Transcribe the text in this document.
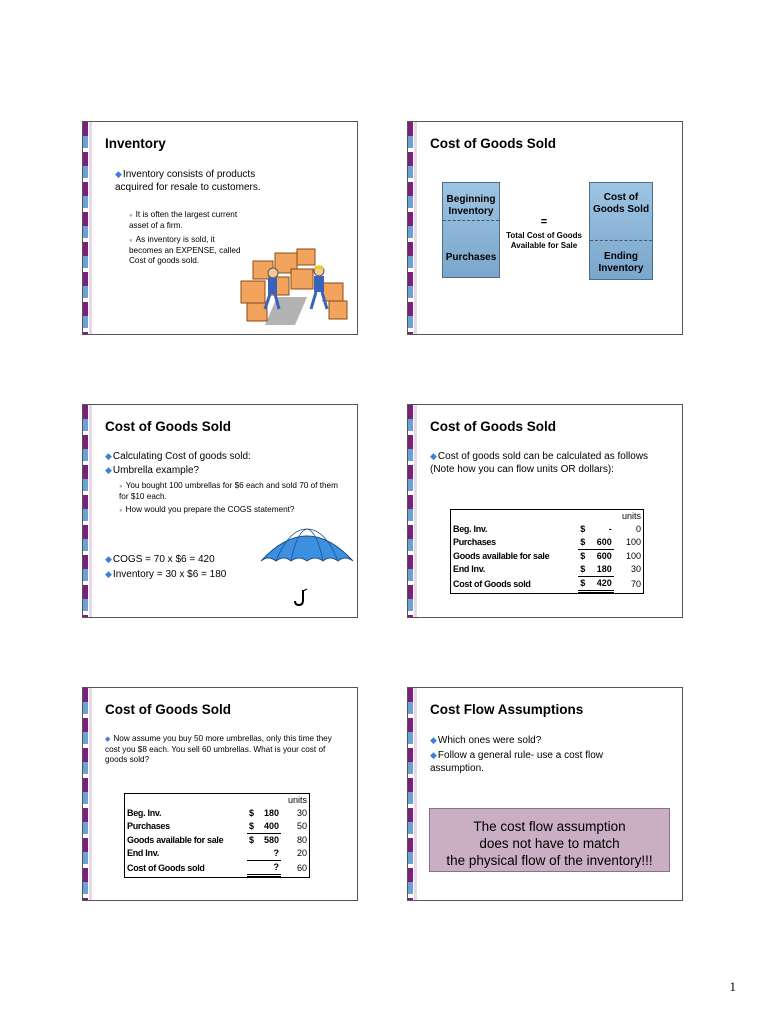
Inventory
◆Inventory consists of products acquired for resale to customers.
● It is often the largest current asset of a firm.
● As inventory is sold, it becomes an EXPENSE, called Cost of goods sold.
Cost of Goods Sold
Beginning Inventory
Purchases
=
Total Cost of Goods Available for Sale
Cost of Goods Sold
Ending Inventory
Cost of Goods Sold
◆Calculating Cost of goods sold:
◆Umbrella example?
● You bought 100 umbrellas for $6 each and sold 70 of them for $10 each.
● How would you prepare the COGS statement?
◆COGS = 70 x $6 = 420
◆Inventory = 30 x $6 = 180
Cost of Goods Sold
◆Cost of goods sold can be calculated as follows (Note how you can flow units OR dollars):
			units
Beg. Inv.	$	-	0
Purchases	$	600	100
Goods available for sale	$	600	100
End Inv.	$	180	30
Cost of Goods sold	$	420	70
Cost of Goods Sold
◆ Now assume you buy 50 more umbrellas, only this time they cost you $8 each. You sell 60 umbrellas. What is your cost of goods sold?
			units
Beg. Inv.	$	180	30
Purchases	$	400	50
Goods available for sale	$	580	80
End Inv.		?	20
Cost of Goods sold		?	60
Cost Flow Assumptions
◆Which ones were sold?
◆Follow a general rule- use a cost flow assumption.
The cost flow assumption
does not have to match
the physical flow of the inventory!!!
1
